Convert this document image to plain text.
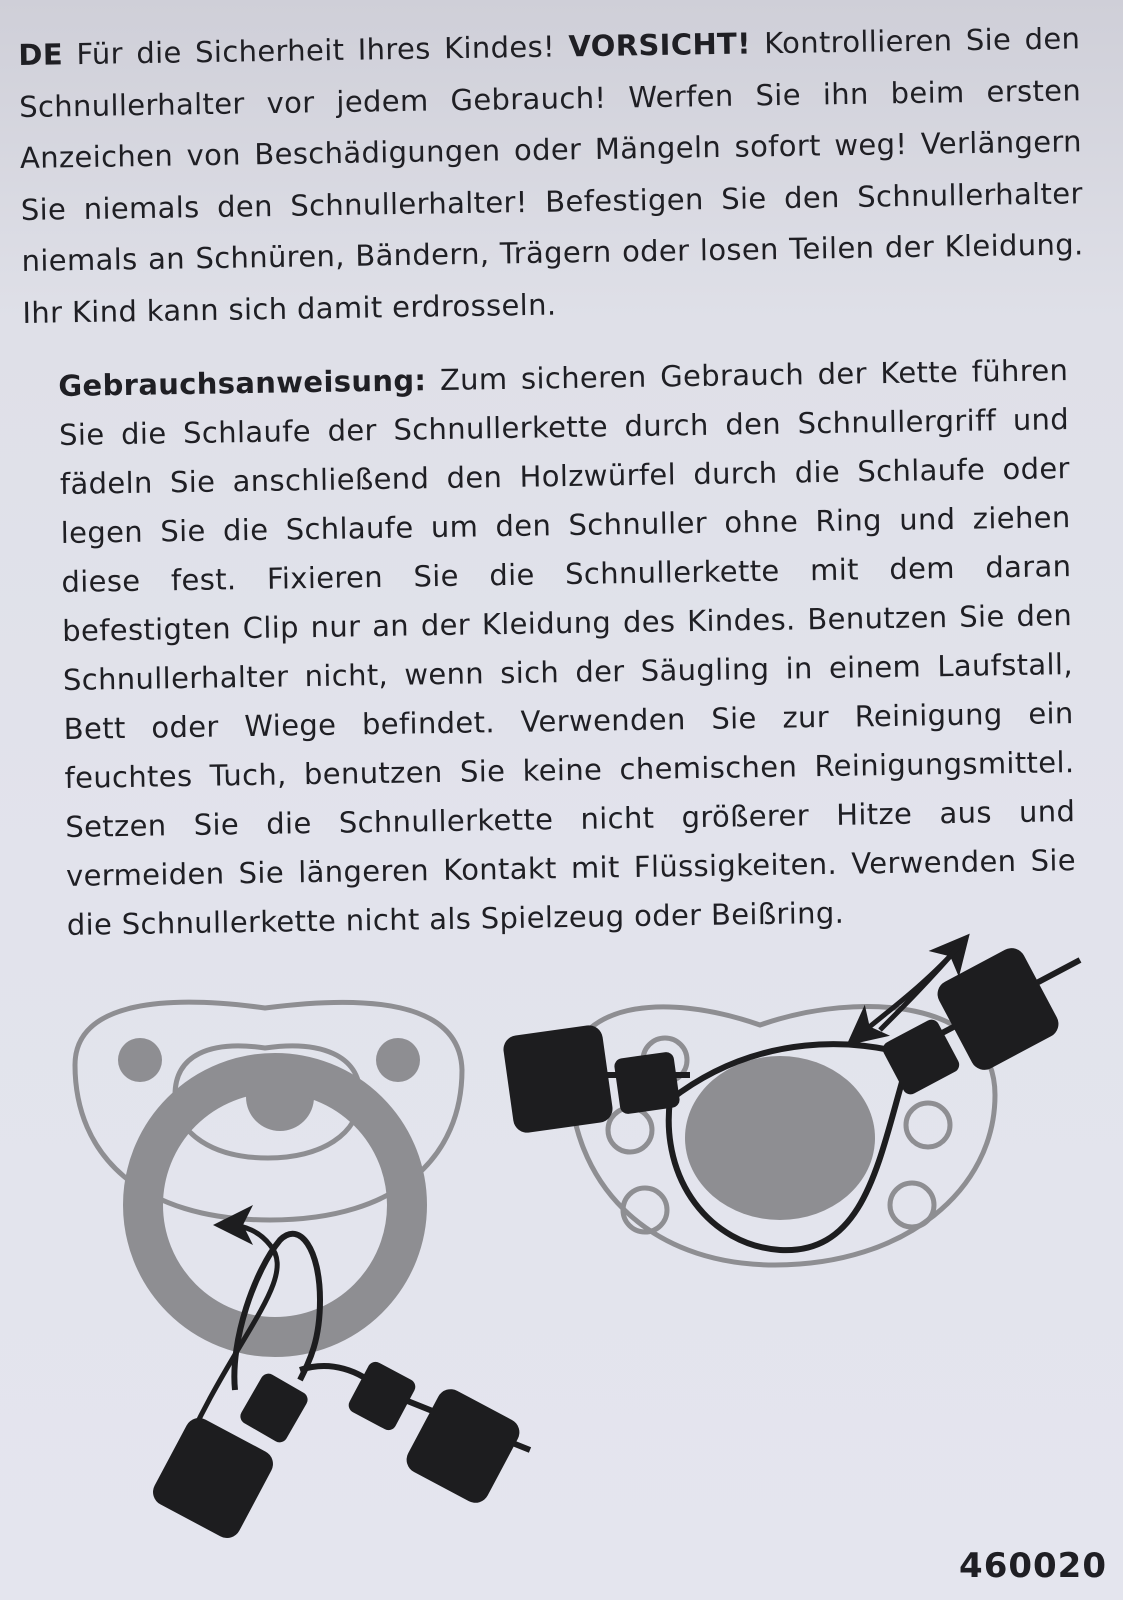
DE Für die Sicherheit Ihres Kindes! VORSICHT! Kontrollieren Sie den Schnullerhalter vor jedem Gebrauch! Werfen Sie ihn beim ersten Anzeichen von Beschädigungen oder Mängeln sofort weg! Verlängern Sie niemals den Schnullerhalter! Befestigen Sie den Schnullerhalter niemals an Schnüren, Bändern, Trägern oder losen Teilen der Kleidung. Ihr Kind kann sich damit erdrosseln.
Gebrauchsanweisung: Zum sicheren Gebrauch der Kette führen Sie die Schlaufe der Schnullerkette durch den Schnullergriff und fädeln Sie anschließend den Holzwürfel durch die Schlaufe oder legen Sie die Schlaufe um den Schnuller ohne Ring und ziehen diese fest. Fixieren Sie die Schnullerkette mit dem daran befestigten Clip nur an der Kleidung des Kindes. Benutzen Sie den Schnullerhalter nicht, wenn sich der Säugling in einem Laufstall, Bett oder Wiege befindet. Verwenden Sie zur Reinigung ein feuchtes Tuch, benutzen Sie keine chemischen Reinigungsmittel. Setzen Sie die Schnullerkette nicht größerer Hitze aus und vermeiden Sie längeren Kontakt mit Flüssigkeiten. Verwenden Sie die Schnullerkette nicht als Spielzeug oder Beißring.
460020
